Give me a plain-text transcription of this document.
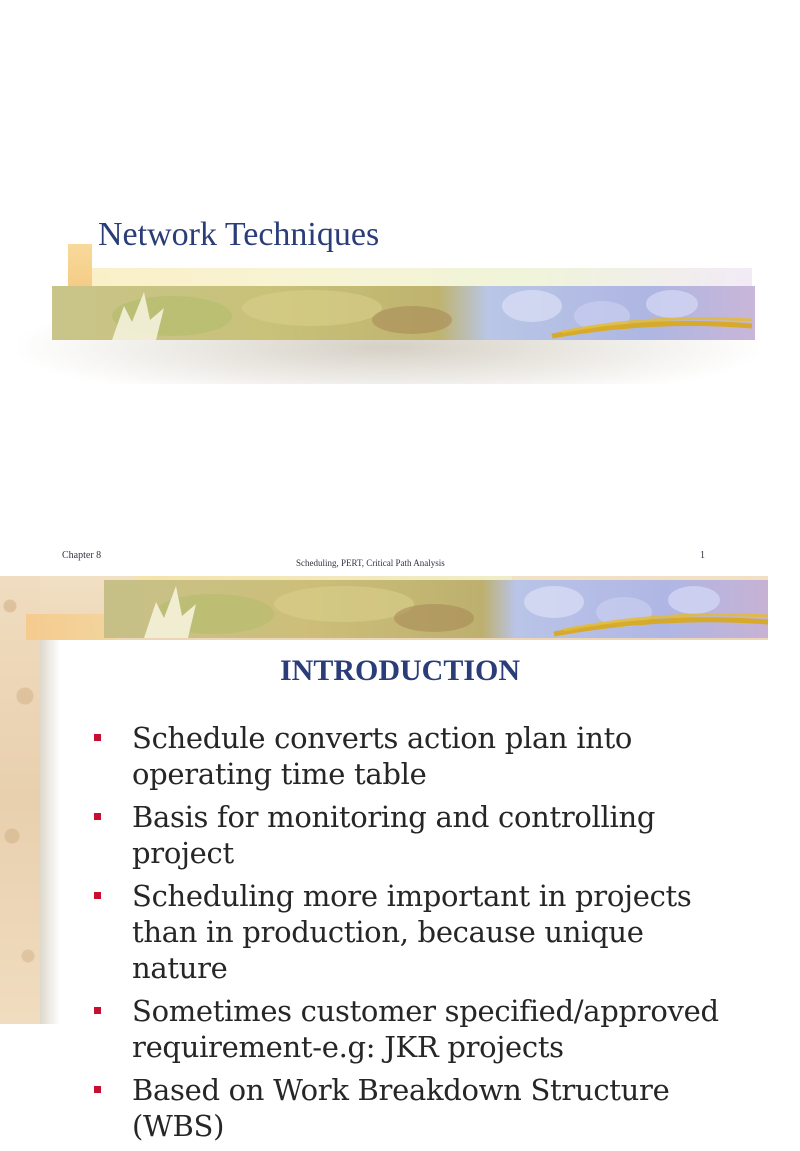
Network Techniques
Chapter 8
Scheduling, PERT, Critical Path Analysis
1
INTRODUCTION
Schedule converts action plan into operating time table
Basis for monitoring and controlling project
Scheduling more important in projects than in production, because unique nature
Sometimes customer specified/approved requirement-e.g: JKR projects
Based on Work Breakdown Structure (WBS)
